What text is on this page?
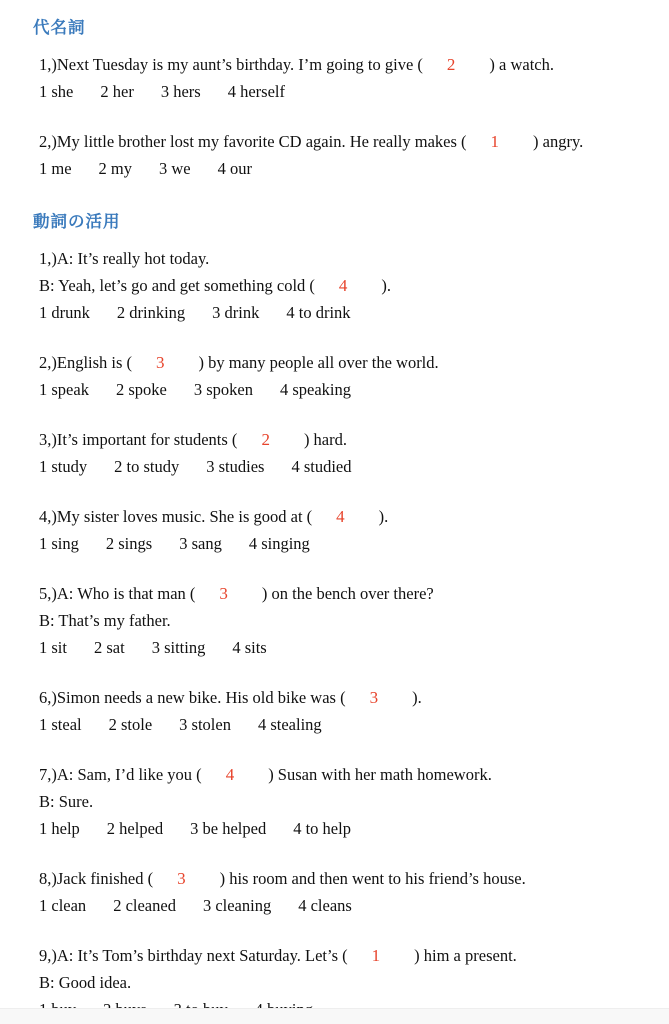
代名詞

1,)Next Tuesday is my aunt’s birthday. I’m going to give ( 2 ) a watch.

1 she 2 her 3 hers 4 herself

2,)My little brother lost my favorite CD again. He really makes ( 1 ) angry.

1 me 2 my 3 we 4 our
動詞の活用

1,)A: It’s really hot today.

B: Yeah, let’s go and get something cold ( 4 ).

1 drunk 2 drinking 3 drink 4 to drink

2,)English is ( 3 ) by many people all over the world.

1 speak 2 spoke 3 spoken 4 speaking

3,)It’s important for students ( 2 ) hard.

1 study 2 to study 3 studies 4 studied

4,)My sister loves music. She is good at ( 4 ).

1 sing 2 sings 3 sang 4 singing

5,)A: Who is that man ( 3 ) on the bench over there?

B: That’s my father.

1 sit 2 sat 3 sitting 4 sits

6,)Simon needs a new bike. His old bike was ( 3 ).

1 steal 2 stole 3 stolen 4 stealing

7,)A: Sam, I’d like you ( 4 ) Susan with her math homework.

B: Sure.

1 help 2 helped 3 be helped 4 to help

8,)Jack finished ( 3 ) his room and then went to his friend’s house.

1 clean 2 cleaned 3 cleaning 4 cleans

9,)A: It’s Tom’s birthday next Saturday. Let’s ( 1 ) him a present.

B: Good idea.
